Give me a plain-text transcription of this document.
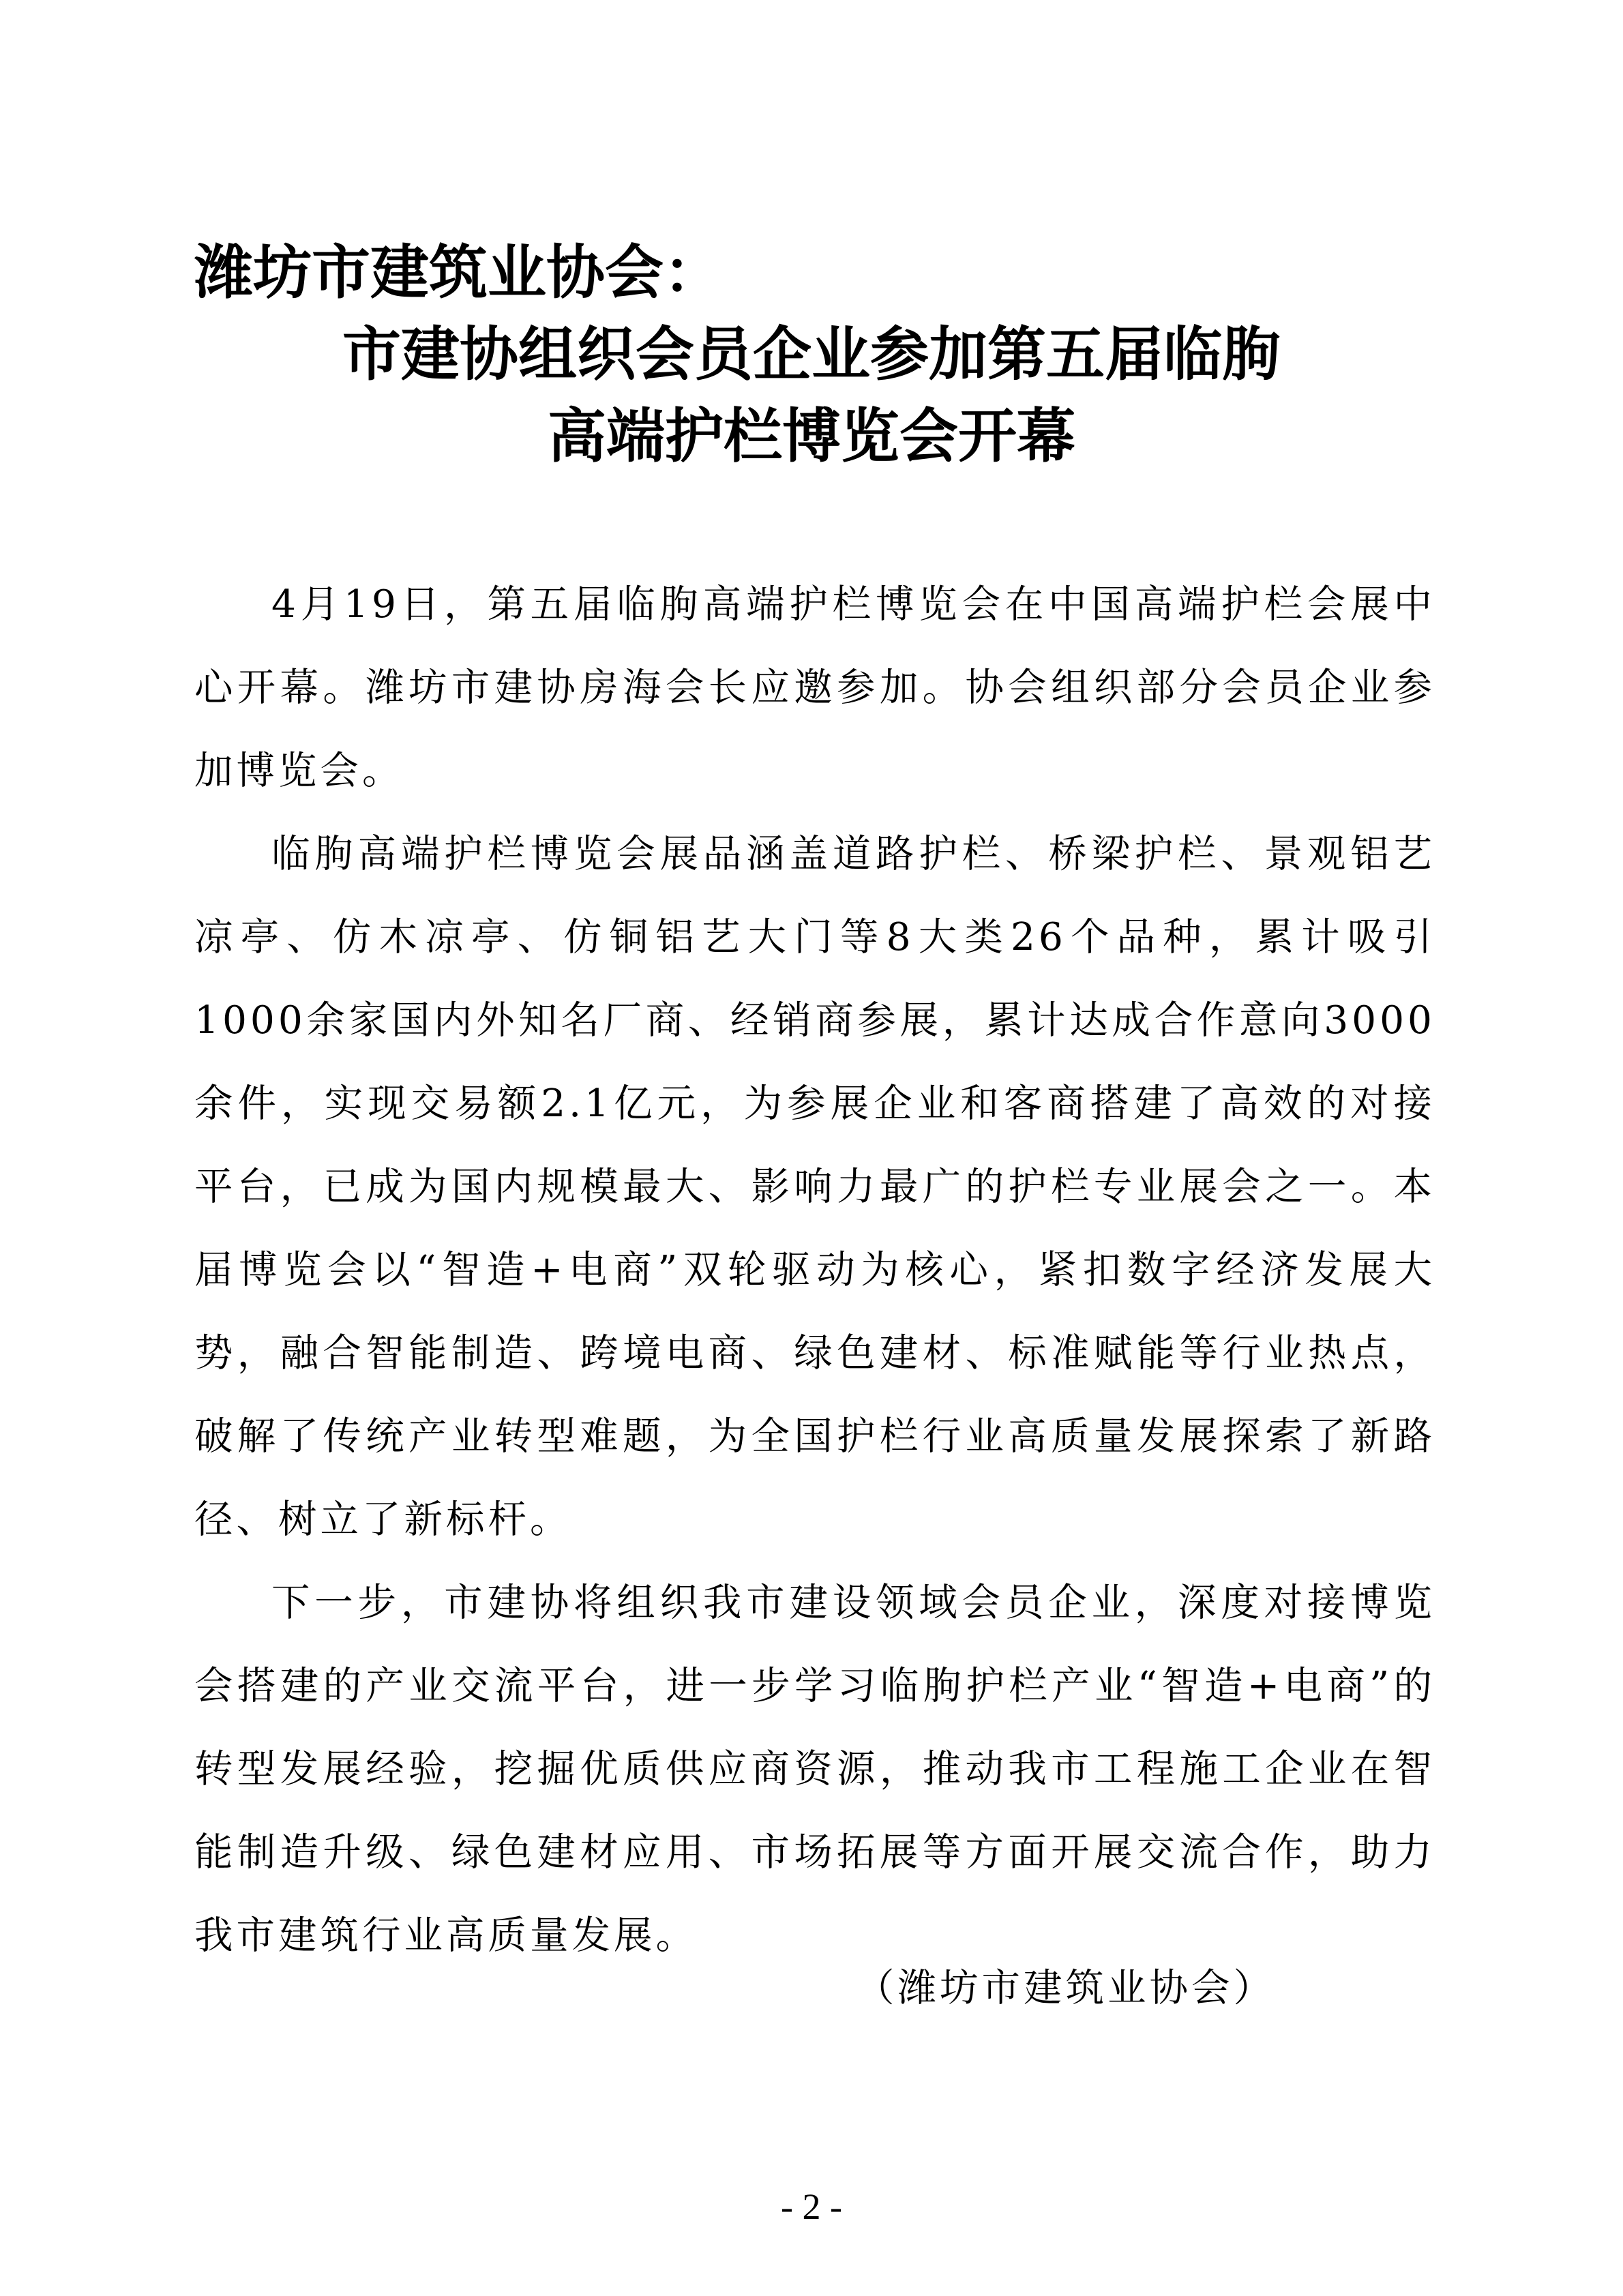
潍坊市建筑业协会：
市建协组织会员企业参加第五届临朐
高端护栏博览会开幕

4月19日，第五届临朐高端护栏博览会在中国高端护栏会展中心开幕。潍坊市建协房海会长应邀参加。协会组织部分会员企业参加博览会。

临朐高端护栏博览会展品涵盖道路护栏、桥梁护栏、景观铝艺凉亭、仿木凉亭、仿铜铝艺大门等8大类26个品种，累计吸引1000余家国内外知名厂商、经销商参展，累计达成合作意向3000余件，实现交易额2.1亿元，为参展企业和客商搭建了高效的对接平台，已成为国内规模最大、影响力最广的护栏专业展会之一。本届博览会以“智造+电商”双轮驱动为核心，紧扣数字经济发展大势，融合智能制造、跨境电商、绿色建材、标准赋能等行业热点，破解了传统产业转型难题，为全国护栏行业高质量发展探索了新路径、树立了新标杆。

下一步，市建协将组织我市建设领域会员企业，深度对接博览会搭建的产业交流平台，进一步学习临朐护栏产业“智造+电商”的转型发展经验，挖掘优质供应商资源，推动我市工程施工企业在智能制造升级、绿色建材应用、市场拓展等方面开展交流合作，助力我市建筑行业高质量发展。

（潍坊市建筑业协会）
- 2 -
